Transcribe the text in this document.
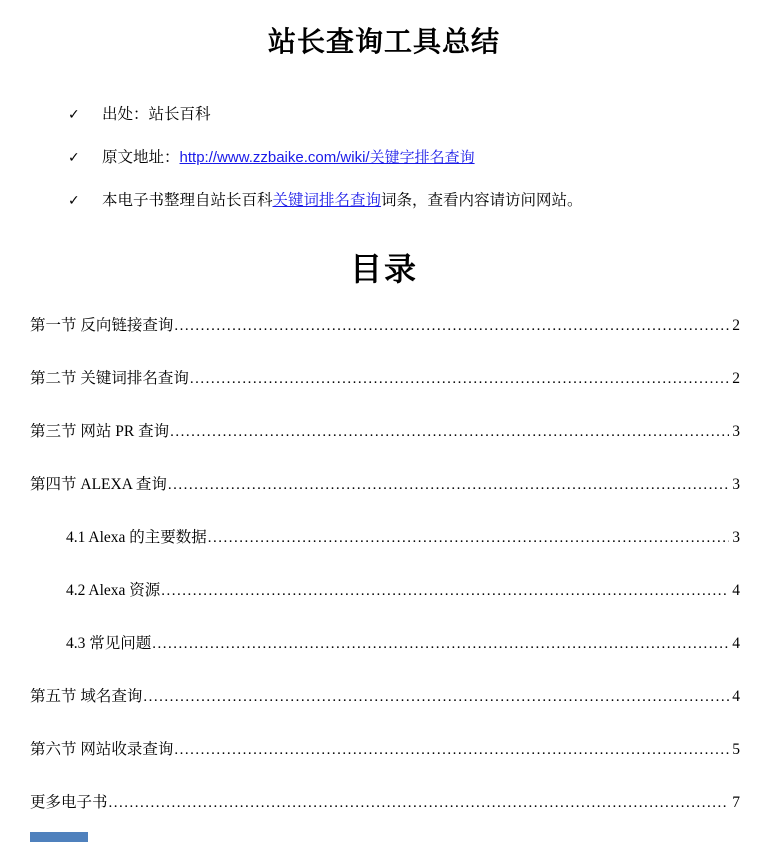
站长查询工具总结
✓	出处：站长百科
✓	原文地址：http://www.zzbaike.com/wiki/关键字排名查询
✓	本电子书整理自站长百科关键词排名查询词条，查看内容请访问网站。
目录
第一节 反向链接查询 .....	2
第二节 关键词排名查询 .....	2
第三节 网站 PR 查询 .....	3
第四节 ALEXA 查询 .....	3
4.1 Alexa 的主要数据 .....	3
4.2 Alexa 资源 .....	4
4.3 常见问题 .....	4
第五节 域名查询 .....	4
第六节 网站收录查询 .....	5
更多电子书 .....	7
